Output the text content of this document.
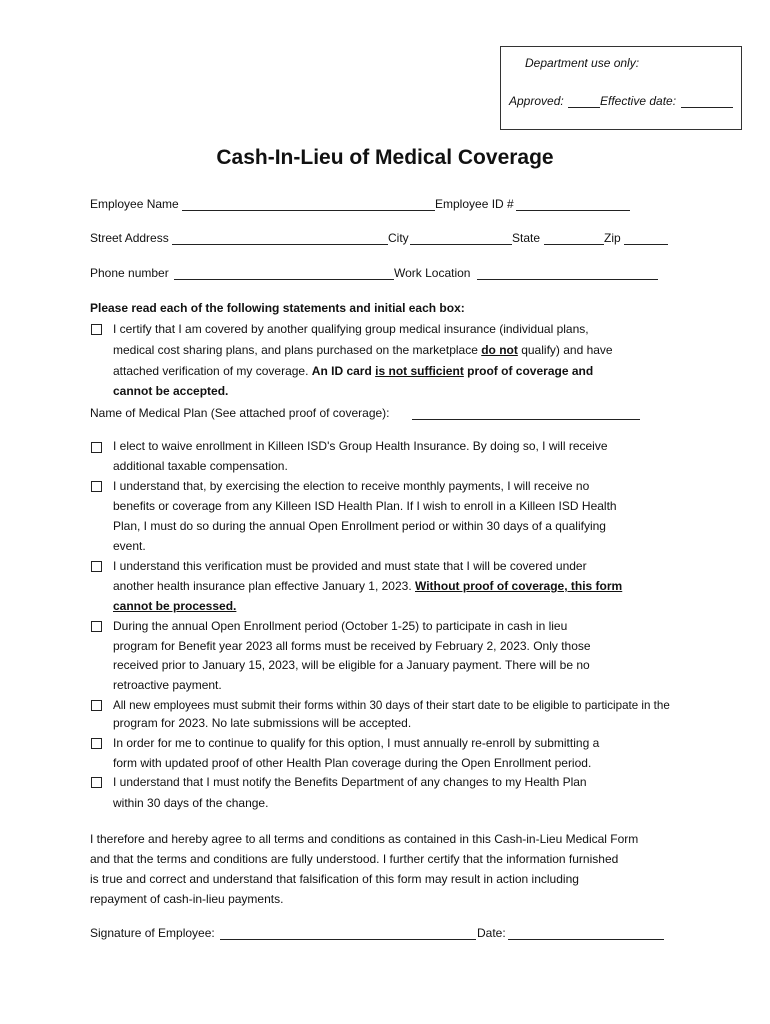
Department use only:
Approved:	Effective date:
Cash-In-Lieu of Medical Coverage
Employee Name	Employee ID #
Street Address	City	State	Zip
Phone number	Work Location
Please read each of the following statements and initial each box:
I certify that I am covered by another qualifying group medical insurance (individual plans,
medical cost sharing plans, and plans purchased on the marketplace do not qualify) and have
attached verification of my coverage. An ID card is not sufficient proof of coverage and
cannot be accepted.
Name of Medical Plan (See attached proof of coverage):
I elect to waive enrollment in Killeen ISD's Group Health Insurance. By doing so, I will receive
additional taxable compensation.
I understand that, by exercising the election to receive monthly payments, I will receive no
benefits or coverage from any Killeen ISD Health Plan. If I wish to enroll in a Killeen ISD Health
Plan, I must do so during the annual Open Enrollment period or within 30 days of a qualifying
event.
I understand this verification must be provided and must state that I will be covered under
another health insurance plan effective January 1, 2023. Without proof of coverage, this form
cannot be processed.
During the annual Open Enrollment period (October 1-25) to participate in cash in lieu
program for Benefit year 2023 all forms must be received by February 2, 2023. Only those
received prior to January 15, 2023, will be eligible for a January payment. There will be no
retroactive payment.
All new employees must submit their forms within 30 days of their start date to be eligible to participate in the
program for 2023. No late submissions will be accepted.
In order for me to continue to qualify for this option, I must annually re-enroll by submitting a
form with updated proof of other Health Plan coverage during the Open Enrollment period.
I understand that I must notify the Benefits Department of any changes to my Health Plan
within 30 days of the change.
I therefore and hereby agree to all terms and conditions as contained in this Cash-in-Lieu Medical Form
and that the terms and conditions are fully understood. I further certify that the information furnished
is true and correct and understand that falsification of this form may result in action including
repayment of cash-in-lieu payments.
Signature of Employee:	Date:
